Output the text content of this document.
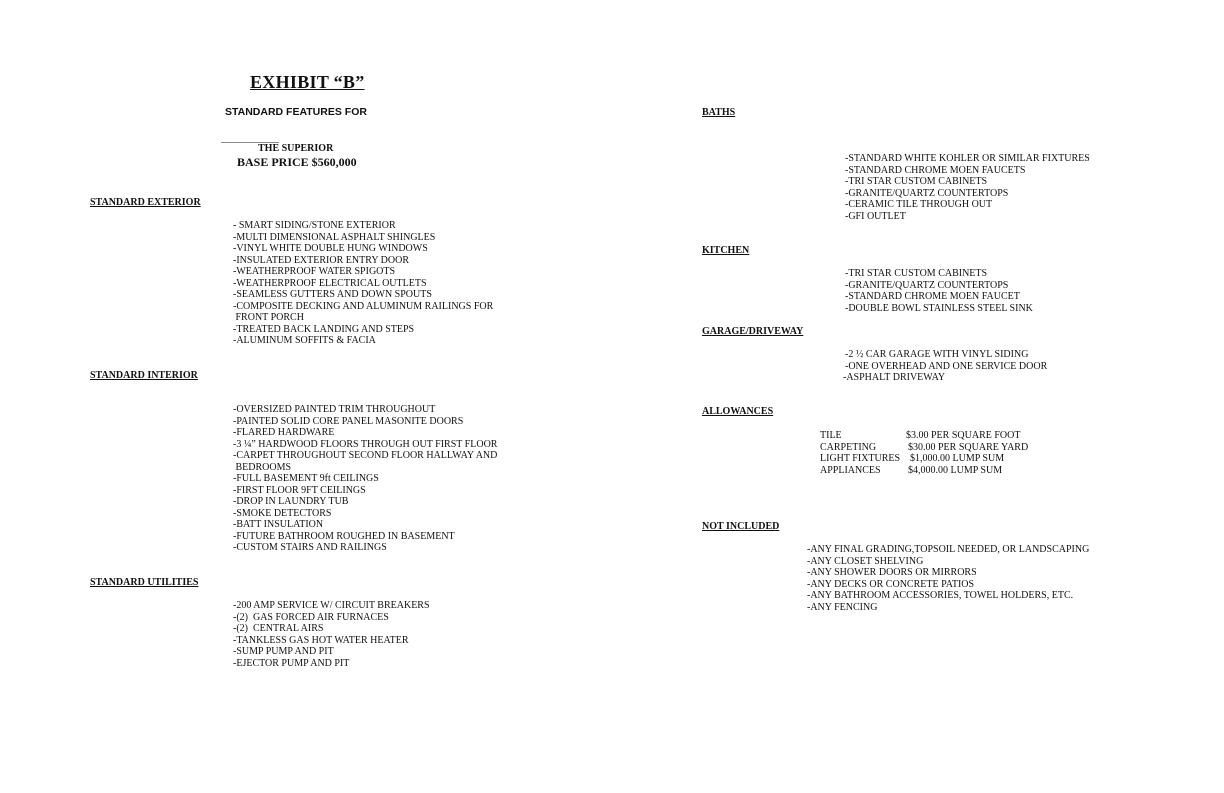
EXHIBIT “B”
STANDARD FEATURES FOR
THE SUPERIOR
BASE PRICE $560,000
STANDARD EXTERIOR
- SMART SIDING/STONE EXTERIOR
-MULTI DIMENSIONAL ASPHALT SHINGLES
-VINYL WHITE DOUBLE HUNG WINDOWS
-INSULATED EXTERIOR ENTRY DOOR
-WEATHERPROOF WATER SPIGOTS
-WEATHERPROOF ELECTRICAL OUTLETS
-SEAMLESS GUTTERS AND DOWN SPOUTS
-COMPOSITE DECKING AND ALUMINUM RAILINGS FOR
FRONT PORCH
-TREATED BACK LANDING AND STEPS
-ALUMINUM SOFFITS & FACIA
STANDARD INTERIOR
-OVERSIZED PAINTED TRIM THROUGHOUT
-PAINTED SOLID CORE PANEL MASONITE DOORS
-FLARED HARDWARE
-3 ¼” HARDWOOD FLOORS THROUGH OUT FIRST FLOOR
-CARPET THROUGHOUT SECOND FLOOR HALLWAY AND
BEDROOMS
-FULL BASEMENT 9ft CEILINGS
-FIRST FLOOR 9FT CEILINGS
-DROP IN LAUNDRY TUB
-SMOKE DETECTORS
-BATT INSULATION
-FUTURE BATHROOM ROUGHED IN BASEMENT
-CUSTOM STAIRS AND RAILINGS
STANDARD UTILITIES
-200 AMP SERVICE W/ CIRCUIT BREAKERS
-(2)  GAS FORCED AIR FURNACES
-(2)  CENTRAL AIRS
-TANKLESS GAS HOT WATER HEATER
-SUMP PUMP AND PIT
-EJECTOR PUMP AND PIT
BATHS
-STANDARD WHITE KOHLER OR SIMILAR FIXTURES
-STANDARD CHROME MOEN FAUCETS
-TRI STAR CUSTOM CABINETS
-GRANITE/QUARTZ COUNTERTOPS
-CERAMIC TILE THROUGH OUT
-GFI OUTLET
KITCHEN
-TRI STAR CUSTOM CABINETS
-GRANITE/QUARTZ COUNTERTOPS
-STANDARD CHROME MOEN FAUCET
-DOUBLE BOWL STAINLESS STEEL SINK
GARAGE/DRIVEWAY
-2 ½ CAR GARAGE WITH VINYL SIDING
-ONE OVERHEAD AND ONE SERVICE DOOR
-ASPHALT DRIVEWAY
ALLOWANCES
TILE	$3.00 PER SQUARE FOOT
CARPETING	$30.00 PER SQUARE YARD
LIGHT FIXTURES $1,000.00 LUMP SUM
APPLIANCES	$4,000.00 LUMP SUM
NOT INCLUDED
-ANY FINAL GRADING,TOPSOIL NEEDED, OR LANDSCAPING
-ANY CLOSET SHELVING
-ANY SHOWER DOORS OR MIRRORS
-ANY DECKS OR CONCRETE PATIOS
-ANY BATHROOM ACCESSORIES, TOWEL HOLDERS, ETC.
-ANY FENCING
